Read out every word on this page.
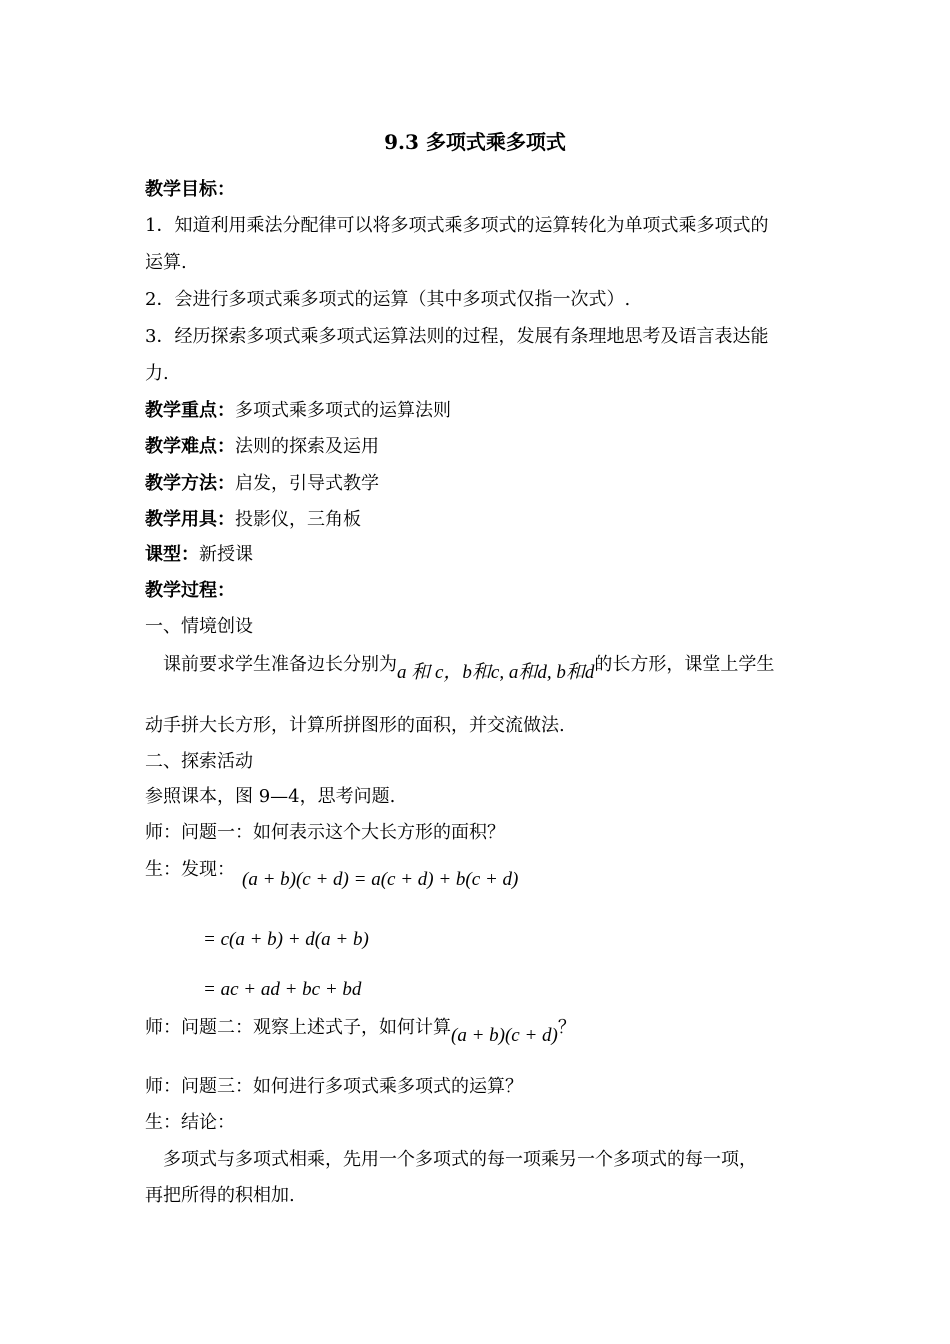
9.3 多项式乘多项式
教学目标：
1．知道利用乘法分配律可以将多项式乘多项式的运算转化为单项式乘多项式的
运算.
2．会进行多项式乘多项式的运算（其中多项式仅指一次式）.
3．经历探索多项式乘多项式运算法则的过程，发展有条理地思考及语言表达能
力.
教学重点：多项式乘多项式的运算法则
教学难点：法则的探索及运用
教学方法：启发，引导式教学
教学用具：投影仪，三角板
课型：新授课
教学过程：
一、情境创设
课前要求学生准备边长分别为a 和 c，b和c, a和d, b和d的长方形，课堂上学生
动手拼大长方形，计算所拼图形的面积，并交流做法.
二、探索活动
参照课本，图 9—4，思考问题.
师：问题一：如何表示这个大长方形的面积？
生：发现： (a + b)(c + d) = a(c + d) + b(c + d)
= c(a + b) + d(a + b)
= ac + ad + bc + bd
师：问题二：观察上述式子，如何计算(a + b)(c + d)？
师：问题三：如何进行多项式乘多项式的运算？
生：结论：
多项式与多项式相乘，先用一个多项式的每一项乘另一个多项式的每一项，
再把所得的积相加.
